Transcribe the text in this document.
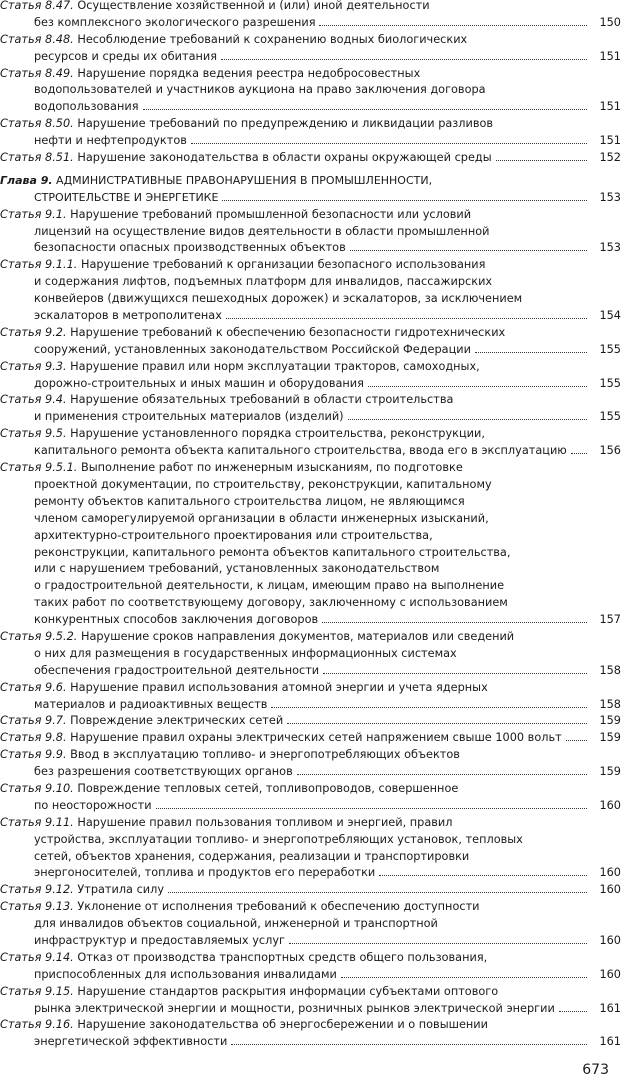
Статья 8.47. Осуществление хозяйственной и (или) иной деятельности
без комплексного экологического разрешения	150
Статья 8.48. Несоблюдение требований к сохранению водных биологических
ресурсов и среды их обитания	151
Статья 8.49. Нарушение порядка ведения реестра недобросовестных
водопользователей и участников аукциона на право заключения договора
водопользования	151
Статья 8.50. Нарушение требований по предупреждению и ликвидации разливов
нефти и нефтепродуктов	151
Статья 8.51. Нарушение законодательства в области охраны окружающей среды	152
Глава 9. АДМИНИСТРАТИВНЫЕ ПРАВОНАРУШЕНИЯ В ПРОМЫШЛЕННОСТИ,
СТРОИТЕЛЬСТВЕ И ЭНЕРГЕТИКЕ	153
Статья 9.1. Нарушение требований промышленной безопасности или условий
лицензий на осуществление видов деятельности в области промышленной
безопасности опасных производственных объектов	153
Статья 9.1.1. Нарушение требований к организации безопасного использования
и содержания лифтов, подъемных платформ для инвалидов, пассажирских
конвейеров (движущихся пешеходных дорожек) и эскалаторов, за исключением
эскалаторов в метрополитенах	154
Статья 9.2. Нарушение требований к обеспечению безопасности гидротехнических
сооружений, установленных законодательством Российской Федерации	155
Статья 9.3. Нарушение правил или норм эксплуатации тракторов, самоходных,
дорожно-строительных и иных машин и оборудования	155
Статья 9.4. Нарушение обязательных требований в области строительства
и применения строительных материалов (изделий)	155
Статья 9.5. Нарушение установленного порядка строительства, реконструкции,
капитального ремонта объекта капитального строительства, ввода его в эксплуатацию	156
Статья 9.5.1. Выполнение работ по инженерным изысканиям, по подготовке
проектной документации, по строительству, реконструкции, капитальному
ремонту объектов капитального строительства лицом, не являющимся
членом саморегулируемой организации в области инженерных изысканий,
архитектурно-строительного проектирования или строительства,
реконструкции, капитального ремонта объектов капитального строительства,
или с нарушением требований, установленных законодательством
о градостроительной деятельности, к лицам, имеющим право на выполнение
таких работ по соответствующему договору, заключенному с использованием
конкурентных способов заключения договоров	157
Статья 9.5.2. Нарушение сроков направления документов, материалов или сведений
о них для размещения в государственных информационных системах
обеспечения градостроительной деятельности	158
Статья 9.6. Нарушение правил использования атомной энергии и учета ядерных
материалов и радиоактивных веществ	158
Статья 9.7. Повреждение электрических сетей	159
Статья 9.8. Нарушение правил охраны электрических сетей напряжением свыше 1000 вольт	159
Статья 9.9. Ввод в эксплуатацию топливо- и энергопотребляющих объектов
без разрешения соответствующих органов	159
Статья 9.10. Повреждение тепловых сетей, топливопроводов, совершенное
по неосторожности	160
Статья 9.11. Нарушение правил пользования топливом и энергией, правил
устройства, эксплуатации топливо- и энергопотребляющих установок, тепловых
сетей, объектов хранения, содержания, реализации и транспортировки
энергоносителей, топлива и продуктов его переработки	160
Статья 9.12. Утратила силу	160
Статья 9.13. Уклонение от исполнения требований к обеспечению доступности
для инвалидов объектов социальной, инженерной и транспортной
инфраструктур и предоставляемых услуг	160
Статья 9.14. Отказ от производства транспортных средств общего пользования,
приспособленных для использования инвалидами	160
Статья 9.15. Нарушение стандартов раскрытия информации субъектами оптового
рынка электрической энергии и мощности, розничных рынков электрической энергии	161
Статья 9.16. Нарушение законодательства об энергосбережении и о повышении
энергетической эффективности	161
673
